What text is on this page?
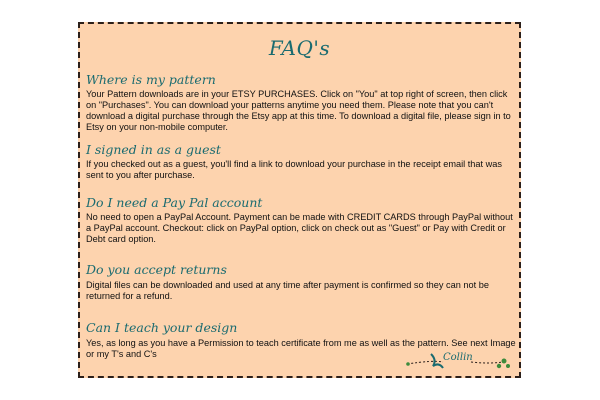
FAQ's
Where is my pattern
Your Pattern downloads are in your ETSY PURCHASES. Click on "You" at top right of screen, then click on "Purchases". You can download your patterns anytime you need them. Please note that you can't download a digital purchase through the Etsy app at this time. To download a digital file, please sign in to Etsy on your non-mobile computer.
I signed in as a guest
If you checked out as a guest, you'll find a link to download your purchase in the receipt email that was sent to you after purchase.
Do I need a Pay Pal account
No need to open a PayPal Account. Payment can be made with CREDIT CARDS through PayPal without a PayPal account. Checkout: click on PayPal option, click on check out as "Guest" or Pay with Credit or Debt card option.
Do you accept returns
Digital files can be downloaded and used at any time after payment is confirmed so they can not be returned for a refund.
Can I teach your design
Yes, as long as you have a Permission to teach certificate from me as well as the pattern. See next Image or my T's and C's	Collin
